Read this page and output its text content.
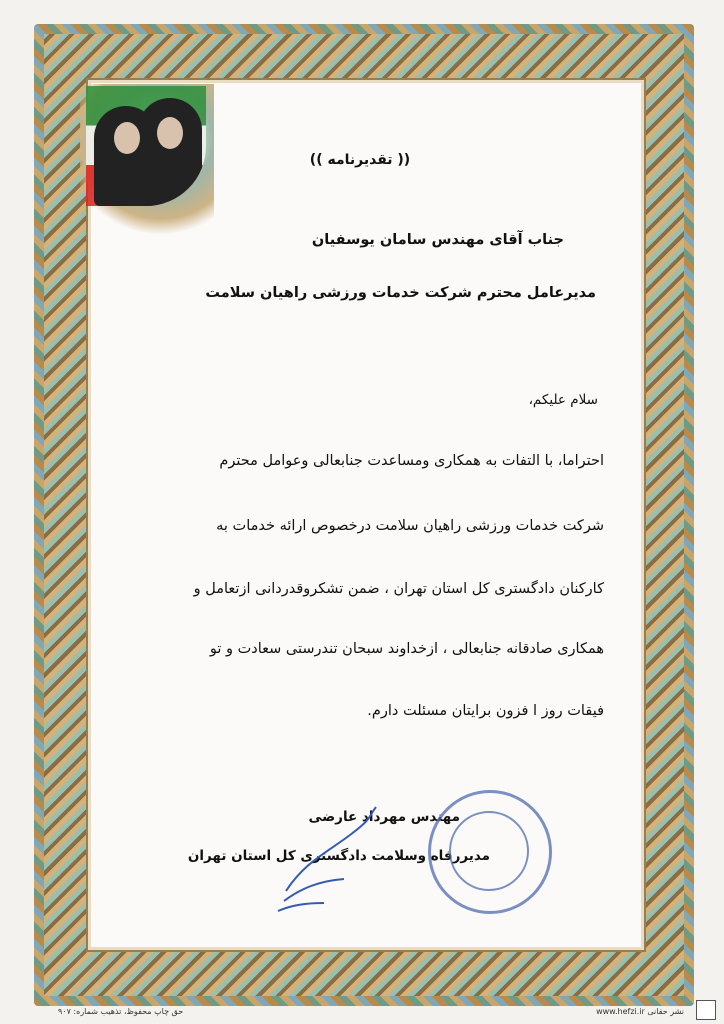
(( تقدیرنامه ))
جناب آقای مهندس سامان یوسفیان
مدیرعامل محترم شرکت خدمات ورزشی راهیان سلامت
سلام علیکم،
احتراما، با التفات به همکاری ومساعدت جنابعالی وعوامل محترم
شرکت خدمات ورزشی راهیان سلامت درخصوص ارائه خدمات به
کارکنان دادگستری کل استان تهران ، ضمن تشکروقدردانی ازتعامل و
همکاری صادقانه جنابعالی ، ازخداوند سبحان تندرستی سعادت و تو
فیقات روز ا فزون برایتان مسئلت دارم.
مهندس مهرداد عارضی
مدیررفاه وسلامت دادگستری کل استان تهران
حق چاپ محفوظ، تذهیب شماره: ۹۰۷	نشر حقانی www.hefzi.ir
